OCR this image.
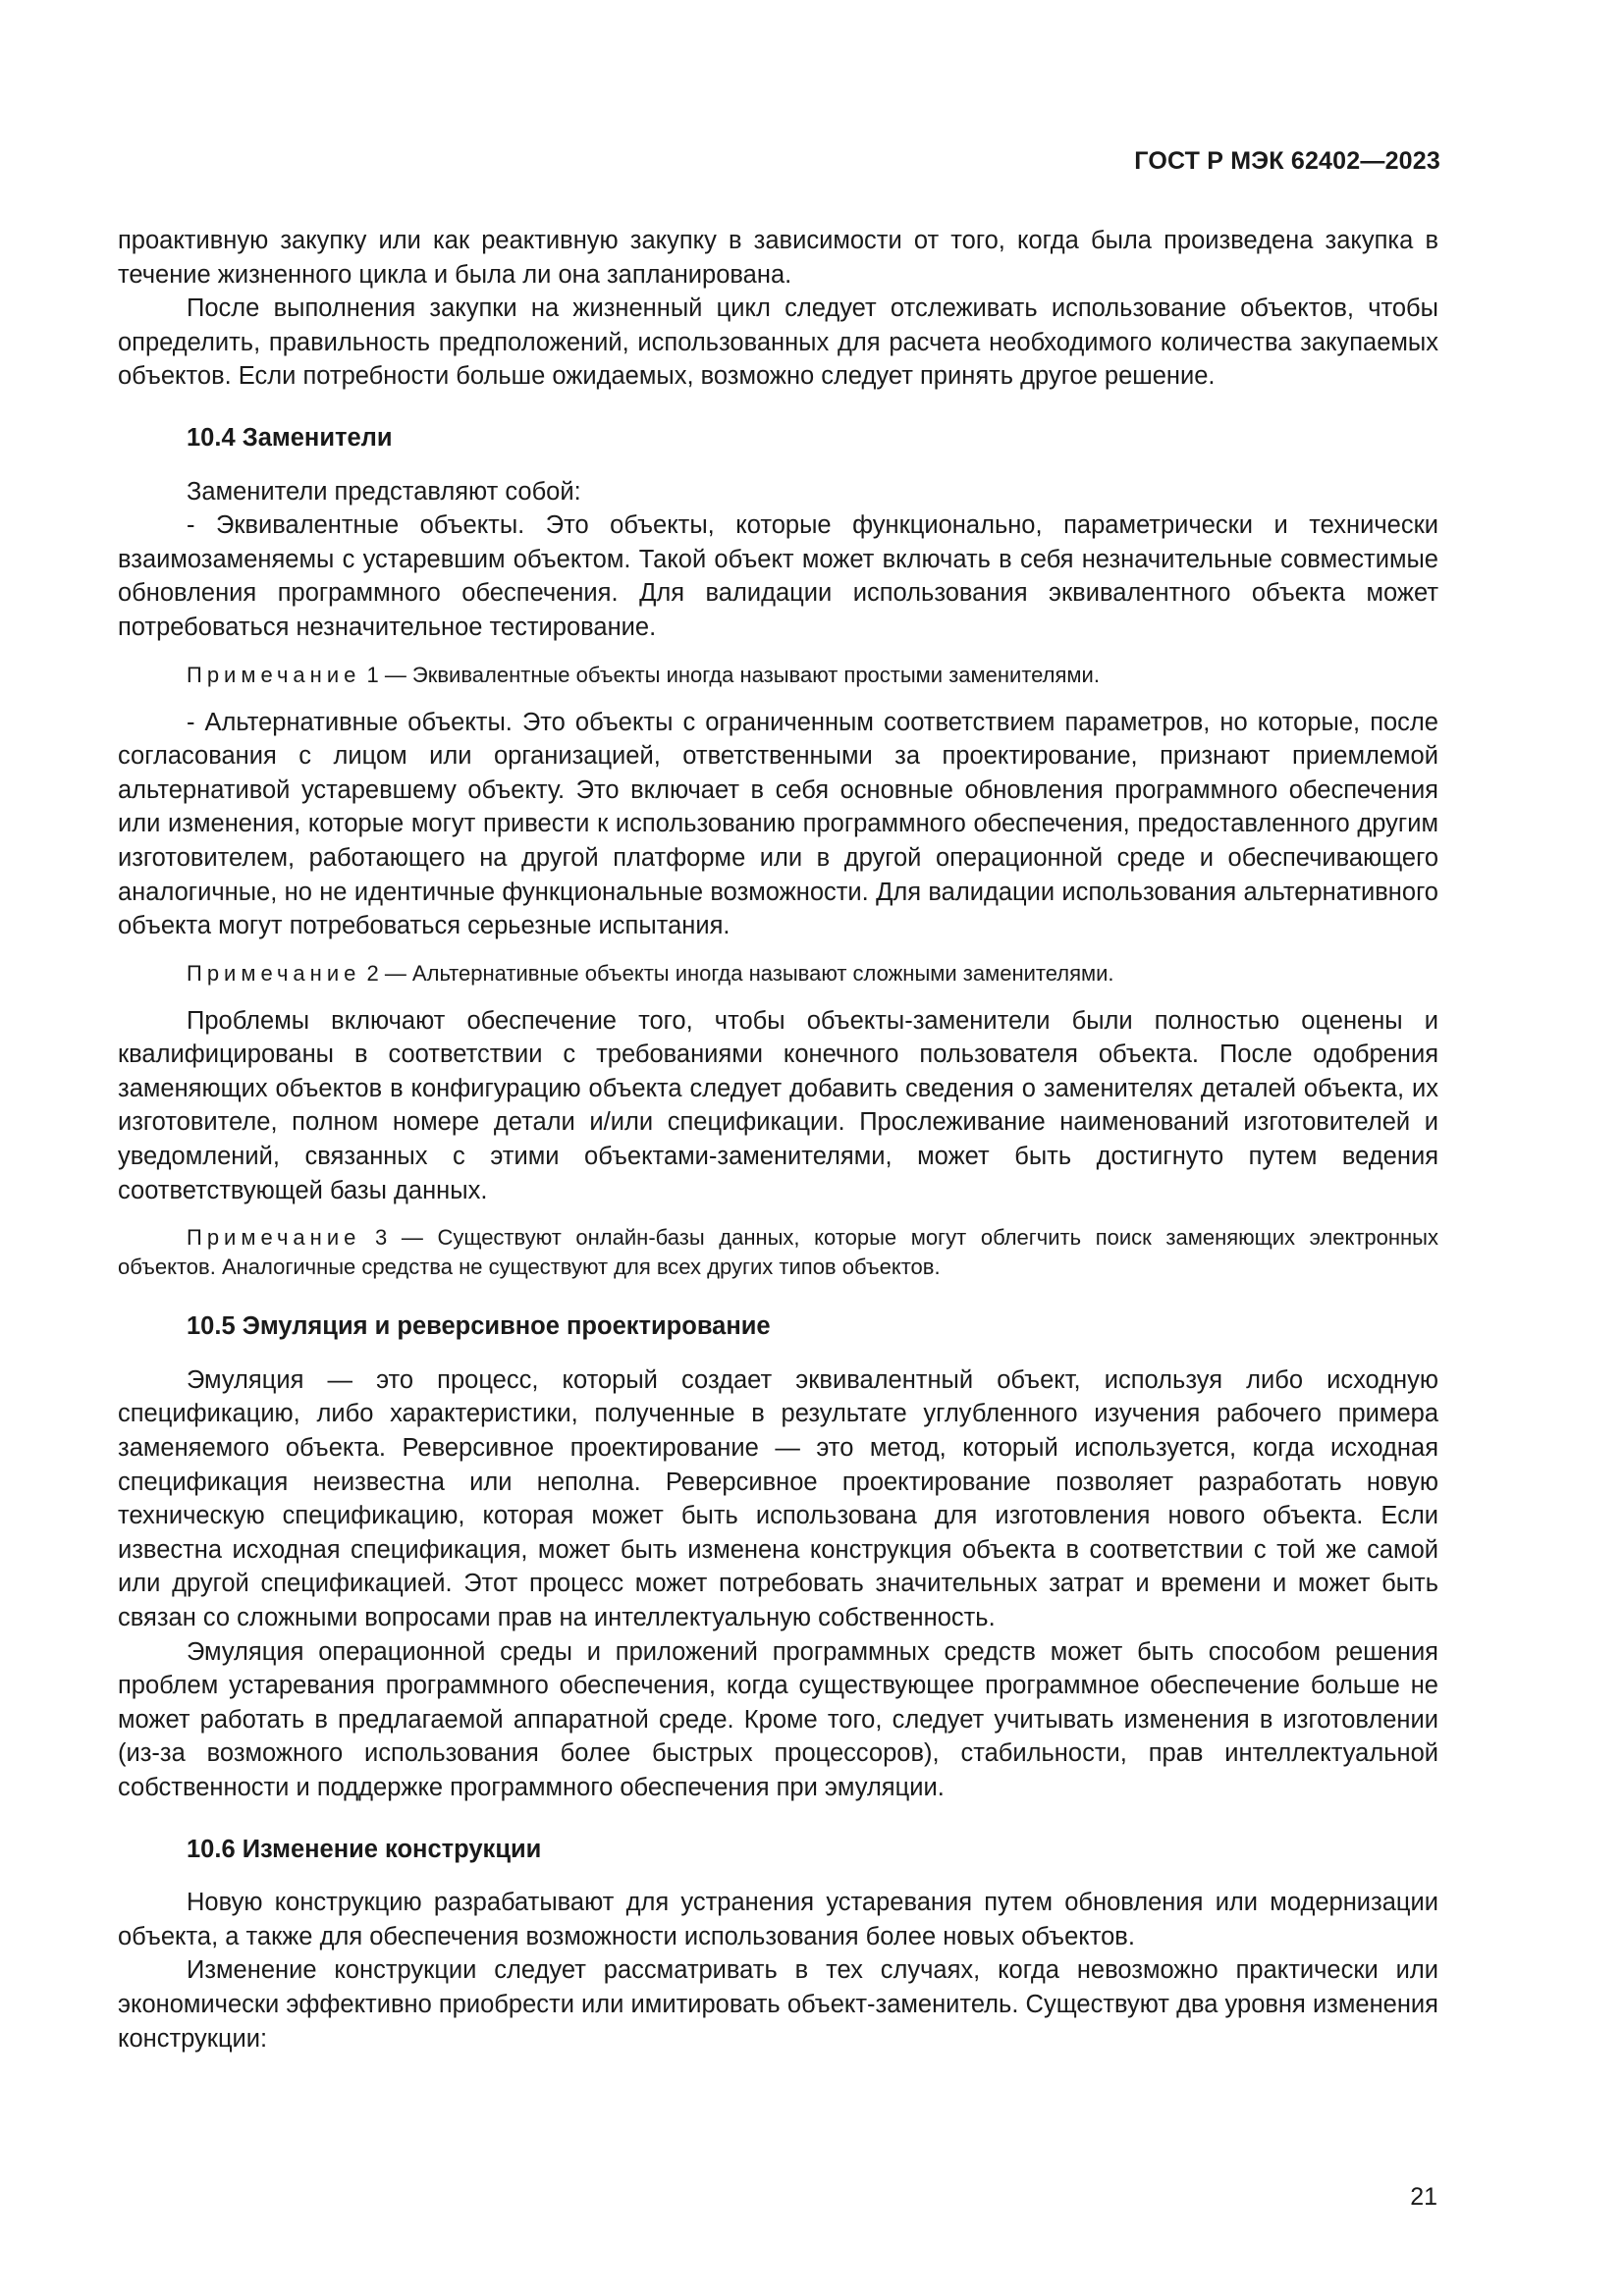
ГОСТ Р МЭК 62402—2023

проактивную закупку или как реактивную закупку в зависимости от того, когда была произведена закупка в течение жизненного цикла и была ли она запланирована.

После выполнения закупки на жизненный цикл следует отслеживать использование объектов, чтобы определить, правильность предположений, использованных для расчета необходимого количества закупаемых объектов. Если потребности больше ожидаемых, возможно следует принять другое решение.

10.4 Заменители

Заменители представляют собой:

- Эквивалентные объекты. Это объекты, которые функционально, параметрически и технически взаимозаменяемы с устаревшим объектом. Такой объект может включать в себя незначительные совместимые обновления программного обеспечения. Для валидации использования эквивалентного объекта может потребоваться незначительное тестирование.

Примечание 1 — Эквивалентные объекты иногда называют простыми заменителями.

- Альтернативные объекты. Это объекты с ограниченным соответствием параметров, но которые, после согласования с лицом или организацией, ответственными за проектирование, признают приемлемой альтернативой устаревшему объекту. Это включает в себя основные обновления программного обеспечения или изменения, которые могут привести к использованию программного обеспечения, предоставленного другим изготовителем, работающего на другой платформе или в другой операционной среде и обеспечивающего аналогичные, но не идентичные функциональные возможности. Для валидации использования альтернативного объекта могут потребоваться серьезные испытания.

Примечание 2 — Альтернативные объекты иногда называют сложными заменителями.

Проблемы включают обеспечение того, чтобы объекты-заменители были полностью оценены и квалифицированы в соответствии с требованиями конечного пользователя объекта. После одобрения заменяющих объектов в конфигурацию объекта следует добавить сведения о заменителях деталей объекта, их изготовителе, полном номере детали и/или спецификации. Прослеживание наименований изготовителей и уведомлений, связанных с этими объектами-заменителями, может быть достигнуто путем ведения соответствующей базы данных.

Примечание 3 — Существуют онлайн-базы данных, которые могут облегчить поиск заменяющих электронных объектов. Аналогичные средства не существуют для всех других типов объектов.

10.5 Эмуляция и реверсивное проектирование

Эмуляция — это процесс, который создает эквивалентный объект, используя либо исходную спецификацию, либо характеристики, полученные в результате углубленного изучения рабочего примера заменяемого объекта. Реверсивное проектирование — это метод, который используется, когда исходная спецификация неизвестна или неполна. Реверсивное проектирование позволяет разработать новую техническую спецификацию, которая может быть использована для изготовления нового объекта. Если известна исходная спецификация, может быть изменена конструкция объекта в соответствии с той же самой или другой спецификацией. Этот процесс может потребовать значительных затрат и времени и может быть связан со сложными вопросами прав на интеллектуальную собственность.

Эмуляция операционной среды и приложений программных средств может быть способом решения проблем устаревания программного обеспечения, когда существующее программное обеспечение больше не может работать в предлагаемой аппаратной среде. Кроме того, следует учитывать изменения в изготовлении (из-за возможного использования более быстрых процессоров), стабильности, прав интеллектуальной собственности и поддержке программного обеспечения при эмуляции.

10.6 Изменение конструкции

Новую конструкцию разрабатывают для устранения устаревания путем обновления или модернизации объекта, а также для обеспечения возможности использования более новых объектов.

Изменение конструкции следует рассматривать в тех случаях, когда невозможно практически или экономически эффективно приобрести или имитировать объект-заменитель. Существуют два уровня изменения конструкции:

21
